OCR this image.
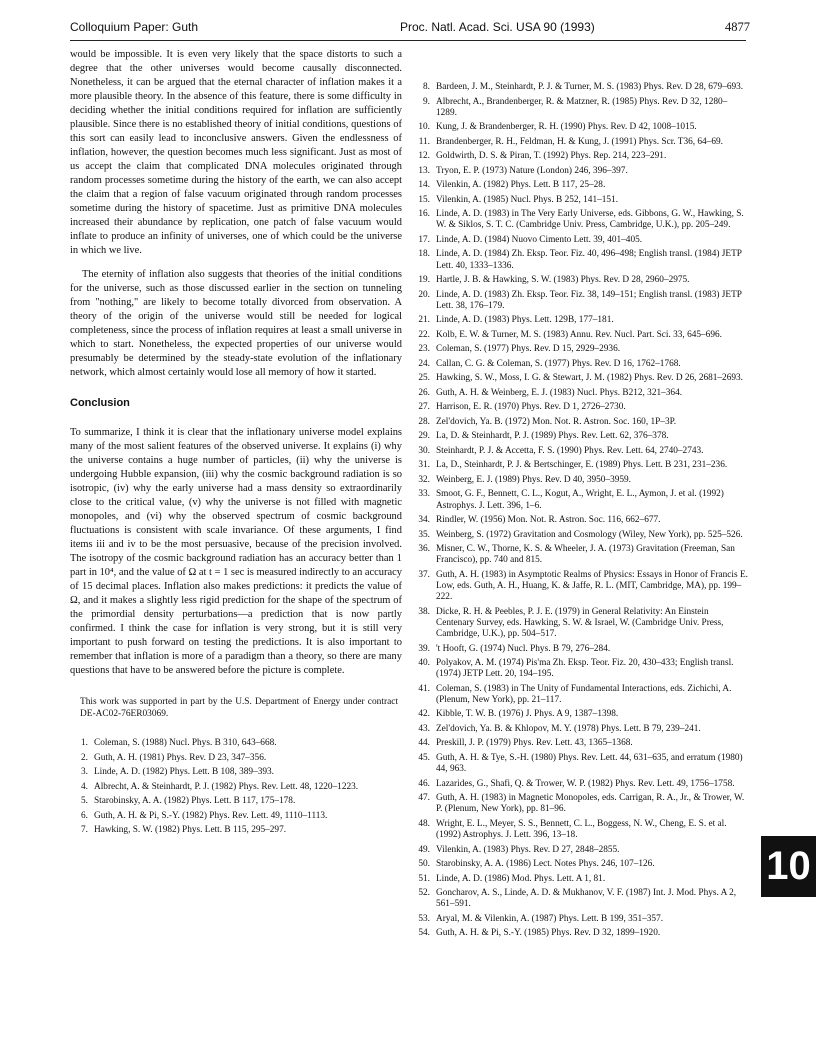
Colloquium Paper: Guth	Proc. Natl. Acad. Sci. USA 90 (1993)	4877

would be impossible. It is even very likely that the space distorts to such a degree that the other universes would become causally disconnected. Nonetheless, it can be argued that the eternal character of inflation makes it a more plausible theory. In the absence of this feature, there is some difficulty in deciding whether the initial conditions required for inflation are sufficiently plausible. Since there is no established theory of initial conditions, questions of this sort can easily lead to inconclusive answers. Given the endlessness of inflation, however, the question becomes much less significant. Just as most of us accept the claim that complicated DNA molecules originated through random processes sometime during the history of the earth, we can also accept the claim that a region of false vacuum originated through random processes sometime during the history of spacetime. Just as primitive DNA molecules increased their abundance by replication, one patch of false vacuum would inflate to produce an infinity of universes, one of which could be the universe in which we live.

The eternity of inflation also suggests that theories of the initial conditions for the universe, such as those discussed earlier in the section on tunneling from "nothing," are likely to become totally divorced from observation. A theory of the origin of the universe would still be needed for logical completeness, since the process of inflation requires at least a small universe in which to start. Nonetheless, the expected properties of our universe would presumably be determined by the steady-state evolution of the inflationary network, which almost certainly would lose all memory of how it started.

Conclusion

To summarize, I think it is clear that the inflationary universe model explains many of the most salient features of the observed universe. It explains (i) why the universe contains a huge number of particles, (ii) why the universe is undergoing Hubble expansion, (iii) why the cosmic background radiation is so isotropic, (iv) why the early universe had a mass density so extraordinarily close to the critical value, (v) why the universe is not filled with magnetic monopoles, and (vi) why the observed spectrum of cosmic background fluctuations is consistent with scale invariance. Of these arguments, I find items iii and iv to be the most persuasive, because of the precision involved. The isotropy of the cosmic background radiation has an accuracy better than 1 part in 10⁴, and the value of Ω at t = 1 sec is measured indirectly to an accuracy of 15 decimal places. Inflation also makes predictions: it predicts the value of Ω, and it makes a slightly less rigid prediction for the shape of the spectrum of the primordial density perturbations—a prediction that is now partly confirmed. I think the case for inflation is very strong, but it is still very important to push forward on testing the predictions. It is also important to remember that inflation is more of a paradigm than a theory, so there are many questions that have to be answered before the picture is complete.

This work was supported in part by the U.S. Department of Energy under contract DE-AC02-76ER03069.

1. Coleman, S. (1988) Nucl. Phys. B 310, 643–668.
2. Guth, A. H. (1981) Phys. Rev. D 23, 347–356.
3. Linde, A. D. (1982) Phys. Lett. B 108, 389–393.
4. Albrecht, A. & Steinhardt, P. J. (1982) Phys. Rev. Lett. 48, 1220–1223.
5. Starobinsky, A. A. (1982) Phys. Lett. B 117, 175–178.
6. Guth, A. H. & Pi, S.-Y. (1982) Phys. Rev. Lett. 49, 1110–1113.
7. Hawking, S. W. (1982) Phys. Lett. B 115, 295–297.
8. Bardeen, J. M., Steinhardt, P. J. & Turner, M. S. (1983) Phys. Rev. D 28, 679–693.
9. Albrecht, A., Brandenberger, R. & Matzner, R. (1985) Phys. Rev. D 32, 1280–1289.
10. Kung, J. & Brandenberger, R. H. (1990) Phys. Rev. D 42, 1008–1015.
11. Brandenberger, R. H., Feldman, H. & Kung, J. (1991) Phys. Scr. T36, 64–69.
12. Goldwirth, D. S. & Piran, T. (1992) Phys. Rep. 214, 223–291.
13. Tryon, E. P. (1973) Nature (London) 246, 396–397.
14. Vilenkin, A. (1982) Phys. Lett. B 117, 25–28.
15. Vilenkin, A. (1985) Nucl. Phys. B 252, 141–151.
16. Linde, A. D. (1983) in The Very Early Universe, eds. Gibbons, G. W., Hawking, S. W. & Siklos, S. T. C. (Cambridge Univ. Press, Cambridge, U.K.), pp. 205–249.
17. Linde, A. D. (1984) Nuovo Cimento Lett. 39, 401–405.
18. Linde, A. D. (1984) Zh. Eksp. Teor. Fiz. 40, 496–498; English transl. (1984) JETP Lett. 40, 1333–1336.
19. Hartle, J. B. & Hawking, S. W. (1983) Phys. Rev. D 28, 2960–2975.
20. Linde, A. D. (1983) Zh. Eksp. Teor. Fiz. 38, 149–151; English transl. (1983) JETP Lett. 38, 176–179.
21. Linde, A. D. (1983) Phys. Lett. 129B, 177–181.
22. Kolb, E. W. & Turner, M. S. (1983) Annu. Rev. Nucl. Part. Sci. 33, 645–696.
23. Coleman, S. (1977) Phys. Rev. D 15, 2929–2936.
24. Callan, C. G. & Coleman, S. (1977) Phys. Rev. D 16, 1762–1768.
25. Hawking, S. W., Moss, I. G. & Stewart, J. M. (1982) Phys. Rev. D 26, 2681–2693.
26. Guth, A. H. & Weinberg, E. J. (1983) Nucl. Phys. B212, 321–364.
27. Harrison, E. R. (1970) Phys. Rev. D 1, 2726–2730.
28. Zel'dovich, Ya. B. (1972) Mon. Not. R. Astron. Soc. 160, 1P–3P.
29. La, D. & Steinhardt, P. J. (1989) Phys. Rev. Lett. 62, 376–378.
30. Steinhardt, P. J. & Accetta, F. S. (1990) Phys. Rev. Lett. 64, 2740–2743.
31. La, D., Steinhardt, P. J. & Bertschinger, E. (1989) Phys. Lett. B 231, 231–236.
32. Weinberg, E. J. (1989) Phys. Rev. D 40, 3950–3959.
33. Smoot, G. F., Bennett, C. L., Kogut, A., Wright, E. L., Aymon, J. et al. (1992) Astrophys. J. Lett. 396, 1–6.
34. Rindler, W. (1956) Mon. Not. R. Astron. Soc. 116, 662–677.
35. Weinberg, S. (1972) Gravitation and Cosmology (Wiley, New York), pp. 525–526.
36. Misner, C. W., Thorne, K. S. & Wheeler, J. A. (1973) Gravitation (Freeman, San Francisco), pp. 740 and 815.
37. Guth, A. H. (1983) in Asymptotic Realms of Physics: Essays in Honor of Francis E. Low, eds. Guth, A. H., Huang, K. & Jaffe, R. L. (MIT, Cambridge, MA), pp. 199–222.
38. Dicke, R. H. & Peebles, P. J. E. (1979) in General Relativity: An Einstein Centenary Survey, eds. Hawking, S. W. & Israel, W. (Cambridge Univ. Press, Cambridge, U.K.), pp. 504–517.
39. 't Hooft, G. (1974) Nucl. Phys. B 79, 276–284.
40. Polyakov, A. M. (1974) Pis'ma Zh. Eksp. Teor. Fiz. 20, 430–433; English transl. (1974) JETP Lett. 20, 194–195.
41. Coleman, S. (1983) in The Unity of Fundamental Interactions, eds. Zichichi, A. (Plenum, New York), pp. 21–117.
42. Kibble, T. W. B. (1976) J. Phys. A 9, 1387–1398.
43. Zel'dovich, Ya. B. & Khlopov, M. Y. (1978) Phys. Lett. B 79, 239–241.
44. Preskill, J. P. (1979) Phys. Rev. Lett. 43, 1365–1368.
45. Guth, A. H. & Tye, S.-H. (1980) Phys. Rev. Lett. 44, 631–635, and erratum (1980) 44, 963.
46. Lazarides, G., Shafi, Q. & Trower, W. P. (1982) Phys. Rev. Lett. 49, 1756–1758.
47. Guth, A. H. (1983) in Magnetic Monopoles, eds. Carrigan, R. A., Jr., & Trower, W. P. (Plenum, New York), pp. 81–96.
48. Wright, E. L., Meyer, S. S., Bennett, C. L., Boggess, N. W., Cheng, E. S. et al. (1992) Astrophys. J. Lett. 396, 13–18.
49. Vilenkin, A. (1983) Phys. Rev. D 27, 2848–2855.
50. Starobinsky, A. A. (1986) Lect. Notes Phys. 246, 107–126.
51. Linde, A. D. (1986) Mod. Phys. Lett. A 1, 81.
52. Goncharov, A. S., Linde, A. D. & Mukhanov, V. F. (1987) Int. J. Mod. Phys. A 2, 561–591.
53. Aryal, M. & Vilenkin, A. (1987) Phys. Lett. B 199, 351–357.
54. Guth, A. H. & Pi, S.-Y. (1985) Phys. Rev. D 32, 1899–1920.
10
